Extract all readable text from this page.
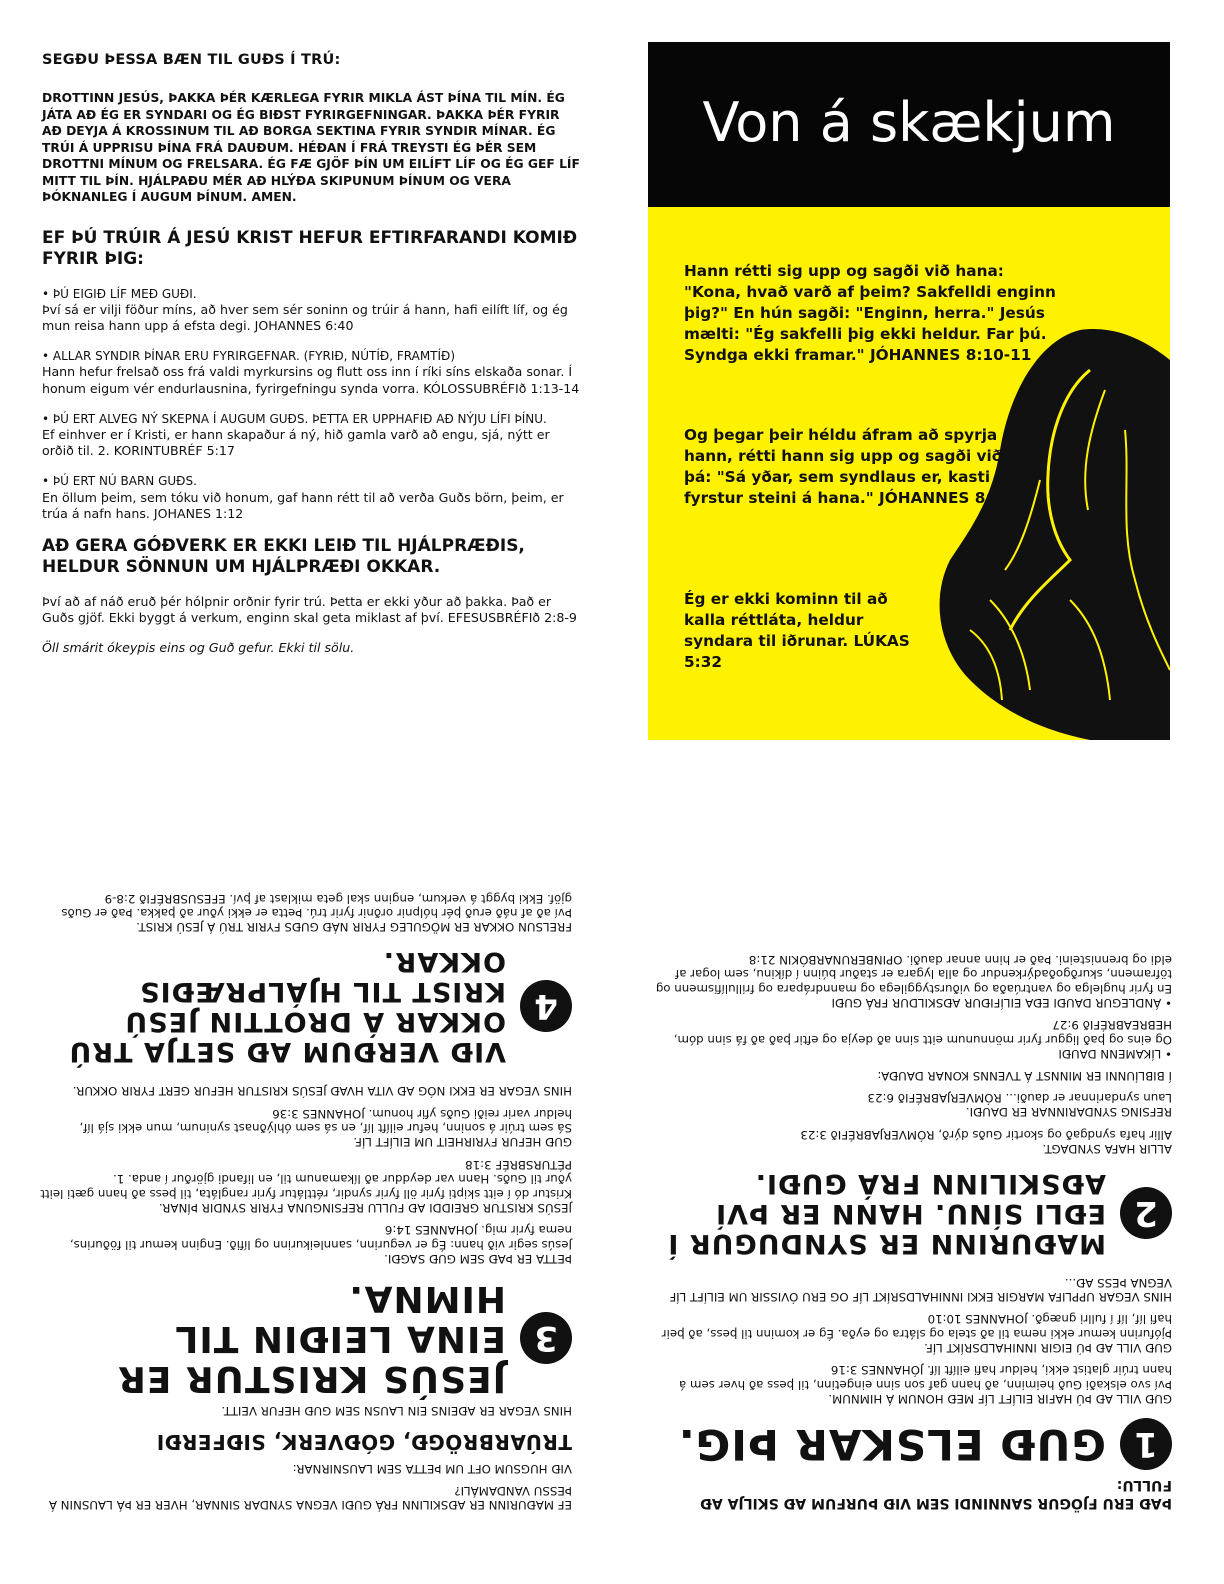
SEGÐU ÞESSA BÆN TIL GUÐS Í TRÚ:

DROTTINN JESÚS, ÞAKKA ÞÉR KÆRLEGA FYRIR MIKLA ÁST ÞÍNA TIL MÍN. ÉG JÁTA AÐ ÉG ER SYNDARI OG ÉG BIÐST FYRIRGEFNINGAR. ÞAKKA ÞÉR FYRIR AÐ DEYJA Á KROSSINUM TIL AÐ BORGA SEKTINA FYRIR SYNDIR MÍNAR. ÉG TRÚI Á UPPRISU ÞÍNA FRÁ DAUÐUM. HÉÐAN Í FRÁ TREYSTI ÉG ÞÉR SEM DROTTNI MÍNUM OG FRELSARA. ÉG FÆ GJÖF ÞÍN UM EILÍFT LÍF OG ÉG GEF LÍF MITT TIL ÞÍN. HJÁLPAÐU MÉR AÐ HLÝÐA SKIPUNUM ÞÍNUM OG VERA ÞÓKNANLEG Í AUGUM ÞÍNUM. AMEN.

EF ÞÚ TRÚIR Á JESÚ KRIST HEFUR EFTIRFARANDI KOMIÐ FYRIR ÞIG:
• ÞÚ EIGIÐ LÍF MEÐ GUÐI.
Því sá er vilji föður míns, að hver sem sér soninn og trúir á hann, hafi eilíft líf, og ég mun reisa hann upp á efsta degi. JOHANNES 6:40
• ALLAR SYNDIR ÞÍNAR ERU FYRIRGEFNAR. (FYRIÐ, NÚTÍÐ, FRAMTÍÐ)
Hann hefur frelsað oss frá valdi myrkursins og flutt oss inn í ríki síns elskaða sonar. Í honum eigum vér endurlausnina, fyrirgefningu synda vorra. KÓLOSSUBRÉFIð 1:13-14
• ÞÚ ERT ALVEG NÝ SKEPNA Í AUGUM GUÐS. ÞETTA ER UPPHAFIÐ AÐ NÝJU LÍFI ÞÍNU.
Ef einhver er í Kristi, er hann skapaður á ný, hið gamla varð að engu, sjá, nýtt er orðið til. 2. KORINTUBRÉF 5:17
• ÞÚ ERT NÚ BARN GUÐS.
En öllum þeim, sem tóku við honum, gaf hann rétt til að verða Guðs börn, þeim, er trúa á nafn hans. JOHANES 1:12
AÐ GERA GÓÐVERK ER EKKI LEIÐ TIL HJÁLPRÆÐIS, HELDUR SÖNNUN UM HJÁLPRÆÐI OKKAR.

Því að af náð eruð þér hólpnir orðnir fyrir trú. Þetta er ekki yður að þakka. Það er Guðs gjöf. Ekki byggt á verkum, enginn skal geta miklast af því. EFESUSBRÉFIð 2:8-9

Öll smárit ókeypis eins og Guð gefur. Ekki til sölu.

Von á skækjum

Hann rétti sig upp og sagði við hana: "Kona, hvað varð af þeim? Sakfelldi enginn þig?" En hún sagði: "Enginn, herra." Jesús mælti: "Ég sakfelli þig ekki heldur. Far þú. Syndga ekki framar." JÓHANNES 8:10-11

Og þegar þeir héldu áfram að spyrja hann, rétti hann sig upp og sagði við þá: "Sá yðar, sem syndlaus er, kasti fyrstur steini á hana." JÓHANNES 8:7

Ég er ekki kominn til að kalla réttláta, heldur syndara til iðrunar. LÚKAS 5:32

ÞAÐ ERU FJÖGUR SANNINDI SEM VIÐ ÞURFUM AÐ SKILJA AÐ FULLU:

1
GUÐ ELSKAR ÞIG.

GUÐ VILL AÐ ÞÚ HAFIR EILÍFT LÍF MEÐ HONUM Á HIMNUM.

Því svo elskaði Guð heiminn, að hann gaf son sinn eingetinn, til þess að hver sem á hann trúir glatist ekki, heldur hafi eilíft líf. JÓHANNES 3:16

GUÐ VILL AÐ ÞÚ EIGIR INNIHALDSRÍKT LÍF.

Þjófurinn kemur ekki nema til að stela og slátra og eyða. Ég er kominn til þess, að þeir hafi líf, líf í fullri gnægð. JOHANNES 10:10

HINS VEGAR UPPLIFA MARGIR EKKI INNIHALDSRÍKT LÍF OG ERU ÓVISSIR UM EILÍFT LÍF VEGNA ÞESS AÐ...

2
MAÐURINN ER SYNDUGUR Í EÐLI SÍNU. HANN ER ÞVÍ AÐSKILINN FRÁ GUÐI.

ALLIR HAFA SYNDAGT.

Allir hafa syndgað og skortir Guðs dýrð, RÓMVERJABRÉFIð 3:23

REFSING SYNDARINNAR ER DAUÐI.

Laun syndarinnar er dauði... RÓMVERJABRÉFIð 6:23

Í BIBLÍUNNI ER MINNST Á TVENNS KONAR DAUÐA:

• LÍKAMENN DAUÐI

Og eins og það liggur fyrir mönnunum eitt sinn að deyja og eftir það að fá sinn dóm, HEBREABRÉFIð 9:27

• ÁNDLEGUR DAUÐI EÐA EILÍFIÐUR AÐSKILDUR FRÁ GUÐI

En fyrir huglelga og vantrúaða og viðurstyggilega og manndrápara og frillulífismenn og töframenn, skurðgoðadýrkendur og alla lygara er staður búinn í díkinu, sem logar af eldi og brennisteini. Það er hinn annar dauði. OPINBERUNARBÓKIN 21:8

EF MAÐURINN ER AÐSKILINN FRÁ GUÐI VEGNA SYNDAR SINNAR, HVER ER ÞÁ LAUSNIN Á ÞESSU VANDAMÁLI?

VIÐ HUGSUM OFT UM ÞETTA SEM LAUSNIRNAR:

TRÚARBRÖGÐ, GÓÐVERK, SIÐFERÐI

HINS VEGAR ER AÐEINS EIN LAUSN SEM GUÐ HEFUR VEITT.

3
JESÚS KRISTUR ER EINA LEIÐIN TIL HIMNA.

ÞETTA ER ÞAÐ SEM GUÐ SAGÐI.

Jesús segir við hann: Ég er vegurinn, sannleikurinn og lífið. Enginn kemur til föðurins, nema fyrir mig. JOHANNES 14:6

JESÚS KRISTUR GREIDDI AÐ FULLU REFSINGUNA FYRIR SYNDIR ÞÍNAR.

Kristur dó í eitt skipti fyrir öll fyrir syndir, réttlátur fyrir rangláta, til þess að hann gæti leitt yður til Guðs. Hann var deyddur að líkamanum til, en lifandi gjörður í anda. 1. PÉTURSBRÉF 3:18

GUÐ HEFUR FYRIRHEIT UM EILÍFT LÍF.

Sá sem trúir á soninn, hefur eilíft líf, en sá sem óhlýðnast syninum, mun ekki sjá líf, heldur varir reiði Guðs yfir honum. JOHANNES 3:36

HINS VEGAR ER EKKI NÓG AÐ VITA HVAÐ JESÚS KRISTUR HEFUR GERT FYRIR OKKUR.

4
VIÐ VERÐUM AÐ SETJA TRÚ OKKAR Á DROTTIN JESÚ KRIST TIL HJÁLPRÆÐIS OKKAR.

FRELSUN OKKAR ER MÖGULEG FYRIR NÁÐ GUÐS FYRIR TRÚ Á JESÚ KRIST.

Því að af náð eruð þér hólpnir orðnir fyrir trú. Þetta er ekki yður að þakka. Það er Guðs gjöf. Ekki byggt á verkum, enginn skal geta miklast af því. EFESUSBRÉFIð 2:8-9
